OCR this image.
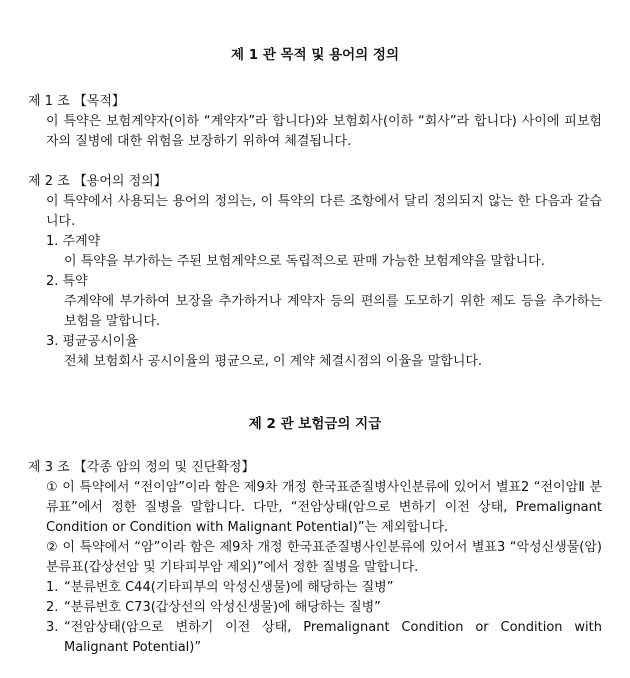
제 1 관 목적 및 용어의 정의
제 1 조 【목적】
이 특약은 보험계약자(이하 “계약자”라 합니다)와 보험회사(이하 “회사”라 합니다) 사이에 피보험자의 질병에 대한 위험을 보장하기 위하여 체결됩니다.
제 2 조 【용어의 정의】
이 특약에서 사용되는 용어의 정의는, 이 특약의 다른 조항에서 달리 정의되지 않는 한 다음과 같습니다.
1. 주계약
이 특약을 부가하는 주된 보험계약으로 독립적으로 판매 가능한 보험계약을 말합니다.
2. 특약
주계약에 부가하여 보장을 추가하거나 계약자 등의 편의를 도모하기 위한 제도 등을 추가하는 보험을 말합니다.
3. 평균공시이율
전체 보험회사 공시이율의 평균으로, 이 계약 체결시점의 이율을 말합니다.
제 2 관 보험금의 지급
제 3 조 【각종 암의 정의 및 진단확정】
① 이 특약에서 “전이암”이라 함은 제9차 개정 한국표준질병사인분류에 있어서 별표2 “전이암Ⅱ 분류표”에서 정한 질병을 말합니다. 다만, “전암상태(암으로 변하기 이전 상태, Premalignant Condition or Condition with Malignant Potential)”는 제외합니다.
② 이 특약에서 “암”이라 함은 제9차 개정 한국표준질병사인분류에 있어서 별표3 “악성신생물(암) 분류표(갑상선암 및 기타피부암 제외)”에서 정한 질병을 말합니다.
1. “분류번호 C44(기타피부의 악성신생물)에 해당하는 질병”
2. “분류번호 C73(갑상선의 악성신생물)에 해당하는 질병”
3. “전암상태(암으로 변하기 이전 상태, Premalignant Condition or Condition with Malignant Potential)”
